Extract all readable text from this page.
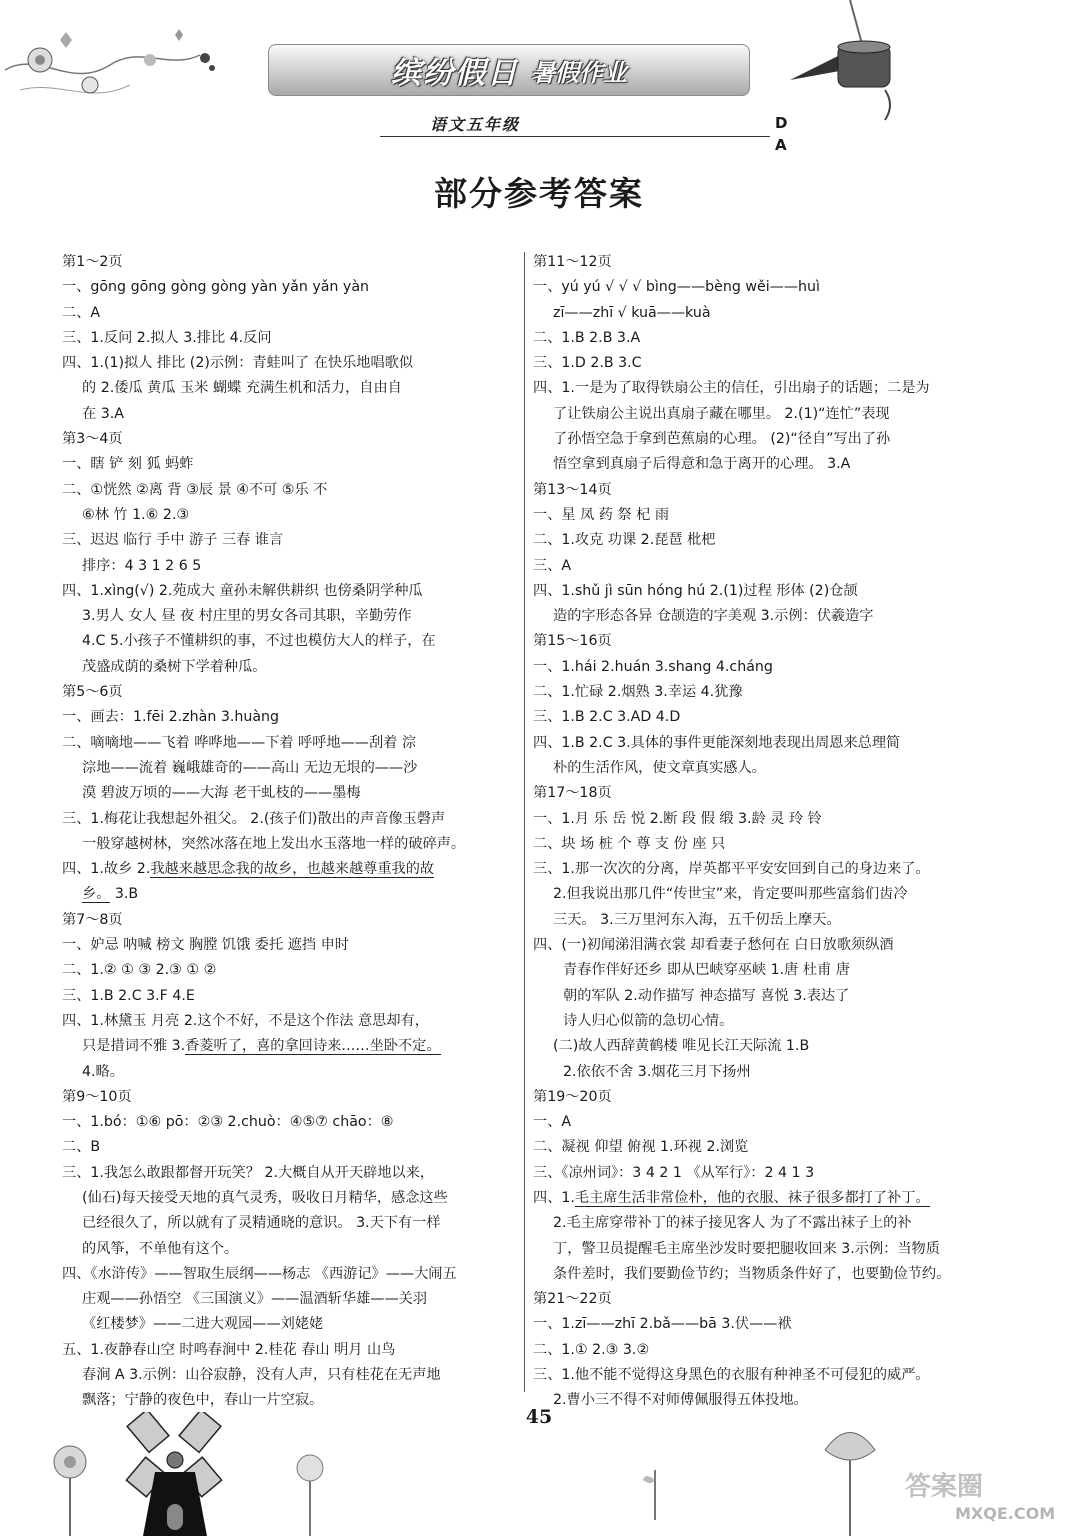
缤纷假日 暑假作业
语文五年级	D
A
部分参考答案
第1～2页
一、gōng gōng gòng gòng yàn yǎn yǎn yàn
二、A
三、1.反问 2.拟人 3.排比 4.反问
四、1.(1)拟人 排比 (2)示例：青蛙叫了 在快乐地唱歌似
的 2.倭瓜 黄瓜 玉米 蝴蝶 充满生机和活力，自由自
在 3.A
第3～4页
一、瞎 铲 刻 狐 蚂蚱
二、①恍然 ②离 背 ③辰 景 ④不可 ⑤乐 不
⑥林 竹 1.⑥ 2.③
三、迟迟 临行 手中 游子 三春 谁言
排序：4 3 1 2 6 5
四、1.xìng(√) 2.苑成大 童孙未解供耕织 也傍桑阴学种瓜
3.男人 女人 昼 夜 村庄里的男女各司其职，辛勤劳作
4.C 5.小孩子不懂耕织的事，不过也模仿大人的样子，在
茂盛成荫的桑树下学着种瓜。
第5～6页
一、画去：1.fēi 2.zhàn 3.huàng
二、嘀嘀地——飞着 哗哗地——下着 呼呼地——刮着 淙
淙地——流着 巍峨雄奇的——高山 无边无垠的——沙
漠 碧波万顷的——大海 老干虬枝的——墨梅
三、1.梅花让我想起外祖父。 2.(孩子们)散出的声音像玉磬声
一般穿越树林，突然冰落在地上发出水玉落地一样的破碎声。
四、1.故乡 2.我越来越思念我的故乡，也越来越尊重我的故
乡。 3.B
第7～8页
一、妒忌 呐喊 榜文 胸膛 饥饿 委托 遮挡 申时
二、1.② ① ③ 2.③ ① ②
三、1.B 2.C 3.F 4.E
四、1.林黛玉 月亮 2.这个不好，不是这个作法 意思却有，
只是措词不雅 3.香菱听了，喜的拿回诗来……坐卧不定。
4.略。
第9～10页
一、1.bó：①⑥ pō：②③ 2.chuò：④⑤⑦ chāo：⑧
二、B
三、1.我怎么敢跟都督开玩笑？ 2.大概自从开天辟地以来，
(仙石)每天接受天地的真气灵秀，吸收日月精华，感念这些
已经很久了，所以就有了灵精通晓的意识。 3.天下有一样
的风筝，不单他有这个。
四、《水浒传》——智取生辰纲——杨志 《西游记》——大闹五
庄观——孙悟空 《三国演义》——温酒斩华雄——关羽
《红楼梦》——二进大观园——刘姥姥
五、1.夜静春山空 时鸣春涧中 2.桂花 春山 明月 山鸟
春涧 A 3.示例：山谷寂静，没有人声，只有桂花在无声地
飘落；宁静的夜色中，春山一片空寂。
第11～12页
一、yú yú √ √ √ bìng——bèng wěi——huì
zī——zhī √ kuā——kuà
二、1.B 2.B 3.A
三、1.D 2.B 3.C
四、1.一是为了取得铁扇公主的信任，引出扇子的话题；二是为
了让铁扇公主说出真扇子藏在哪里。 2.(1)“连忙”表现
了孙悟空急于拿到芭蕉扇的心理。 (2)“径自”写出了孙
悟空拿到真扇子后得意和急于离开的心理。 3.A
第13～14页
一、星 凤 药 祭 杞 雨
二、1.攻克 功课 2.琵琶 枇杷
三、A
四、1.shǔ jì sūn hóng hú 2.(1)过程 形体 (2)仓颉
造的字形态各异 仓颉造的字美观 3.示例：伏羲造字
第15～16页
一、1.hái 2.huán 3.shang 4.cháng
二、1.忙碌 2.烟熟 3.幸运 4.犹豫
三、1.B 2.C 3.AD 4.D
四、1.B 2.C 3.具体的事件更能深刻地表现出周恩来总理简
朴的生活作风，使文章真实感人。
第17～18页
一、1.月 乐 岳 悦 2.断 段 假 缎 3.龄 灵 玲 铃
二、块 场 桩 个 尊 支 份 座 只
三、1.那一次次的分离，岸英都平平安安回到自己的身边来了。
2.但我说出那几件“传世宝”来，肯定要叫那些富翁们齿冷
三天。 3.三万里河东入海，五千仞岳上摩天。
四、(一)初闻涕泪满衣裳 却看妻子愁何在 白日放歌须纵酒
青春作伴好还乡 即从巴峡穿巫峡 1.唐 杜甫 唐
朝的军队 2.动作描写 神态描写 喜悦 3.表达了
诗人归心似箭的急切心情。
(二)故人西辞黄鹤楼 唯见长江天际流 1.B
2.依依不舍 3.烟花三月下扬州
第19～20页
一、A
二、凝视 仰望 俯视 1.环视 2.浏览
三、《凉州词》：3 4 2 1 《从军行》：2 4 1 3
四、1.毛主席生活非常俭朴，他的衣服、袜子很多都打了补丁。
2.毛主席穿带补丁的袜子接见客人 为了不露出袜子上的补
丁，警卫员提醒毛主席坐沙发时要把腿收回来 3.示例：当物质
条件差时，我们要勤俭节约；当物质条件好了，也要勤俭节约。
第21～22页
一、1.zī——zhī 2.bǎ——bā 3.伏——袱
二、1.① 2.③ 3.②
三、1.他不能不觉得这身黑色的衣服有种神圣不可侵犯的威严。
2.曹小三不得不对师傅佩服得五体投地。
45
答案圈
MXQE.COM
